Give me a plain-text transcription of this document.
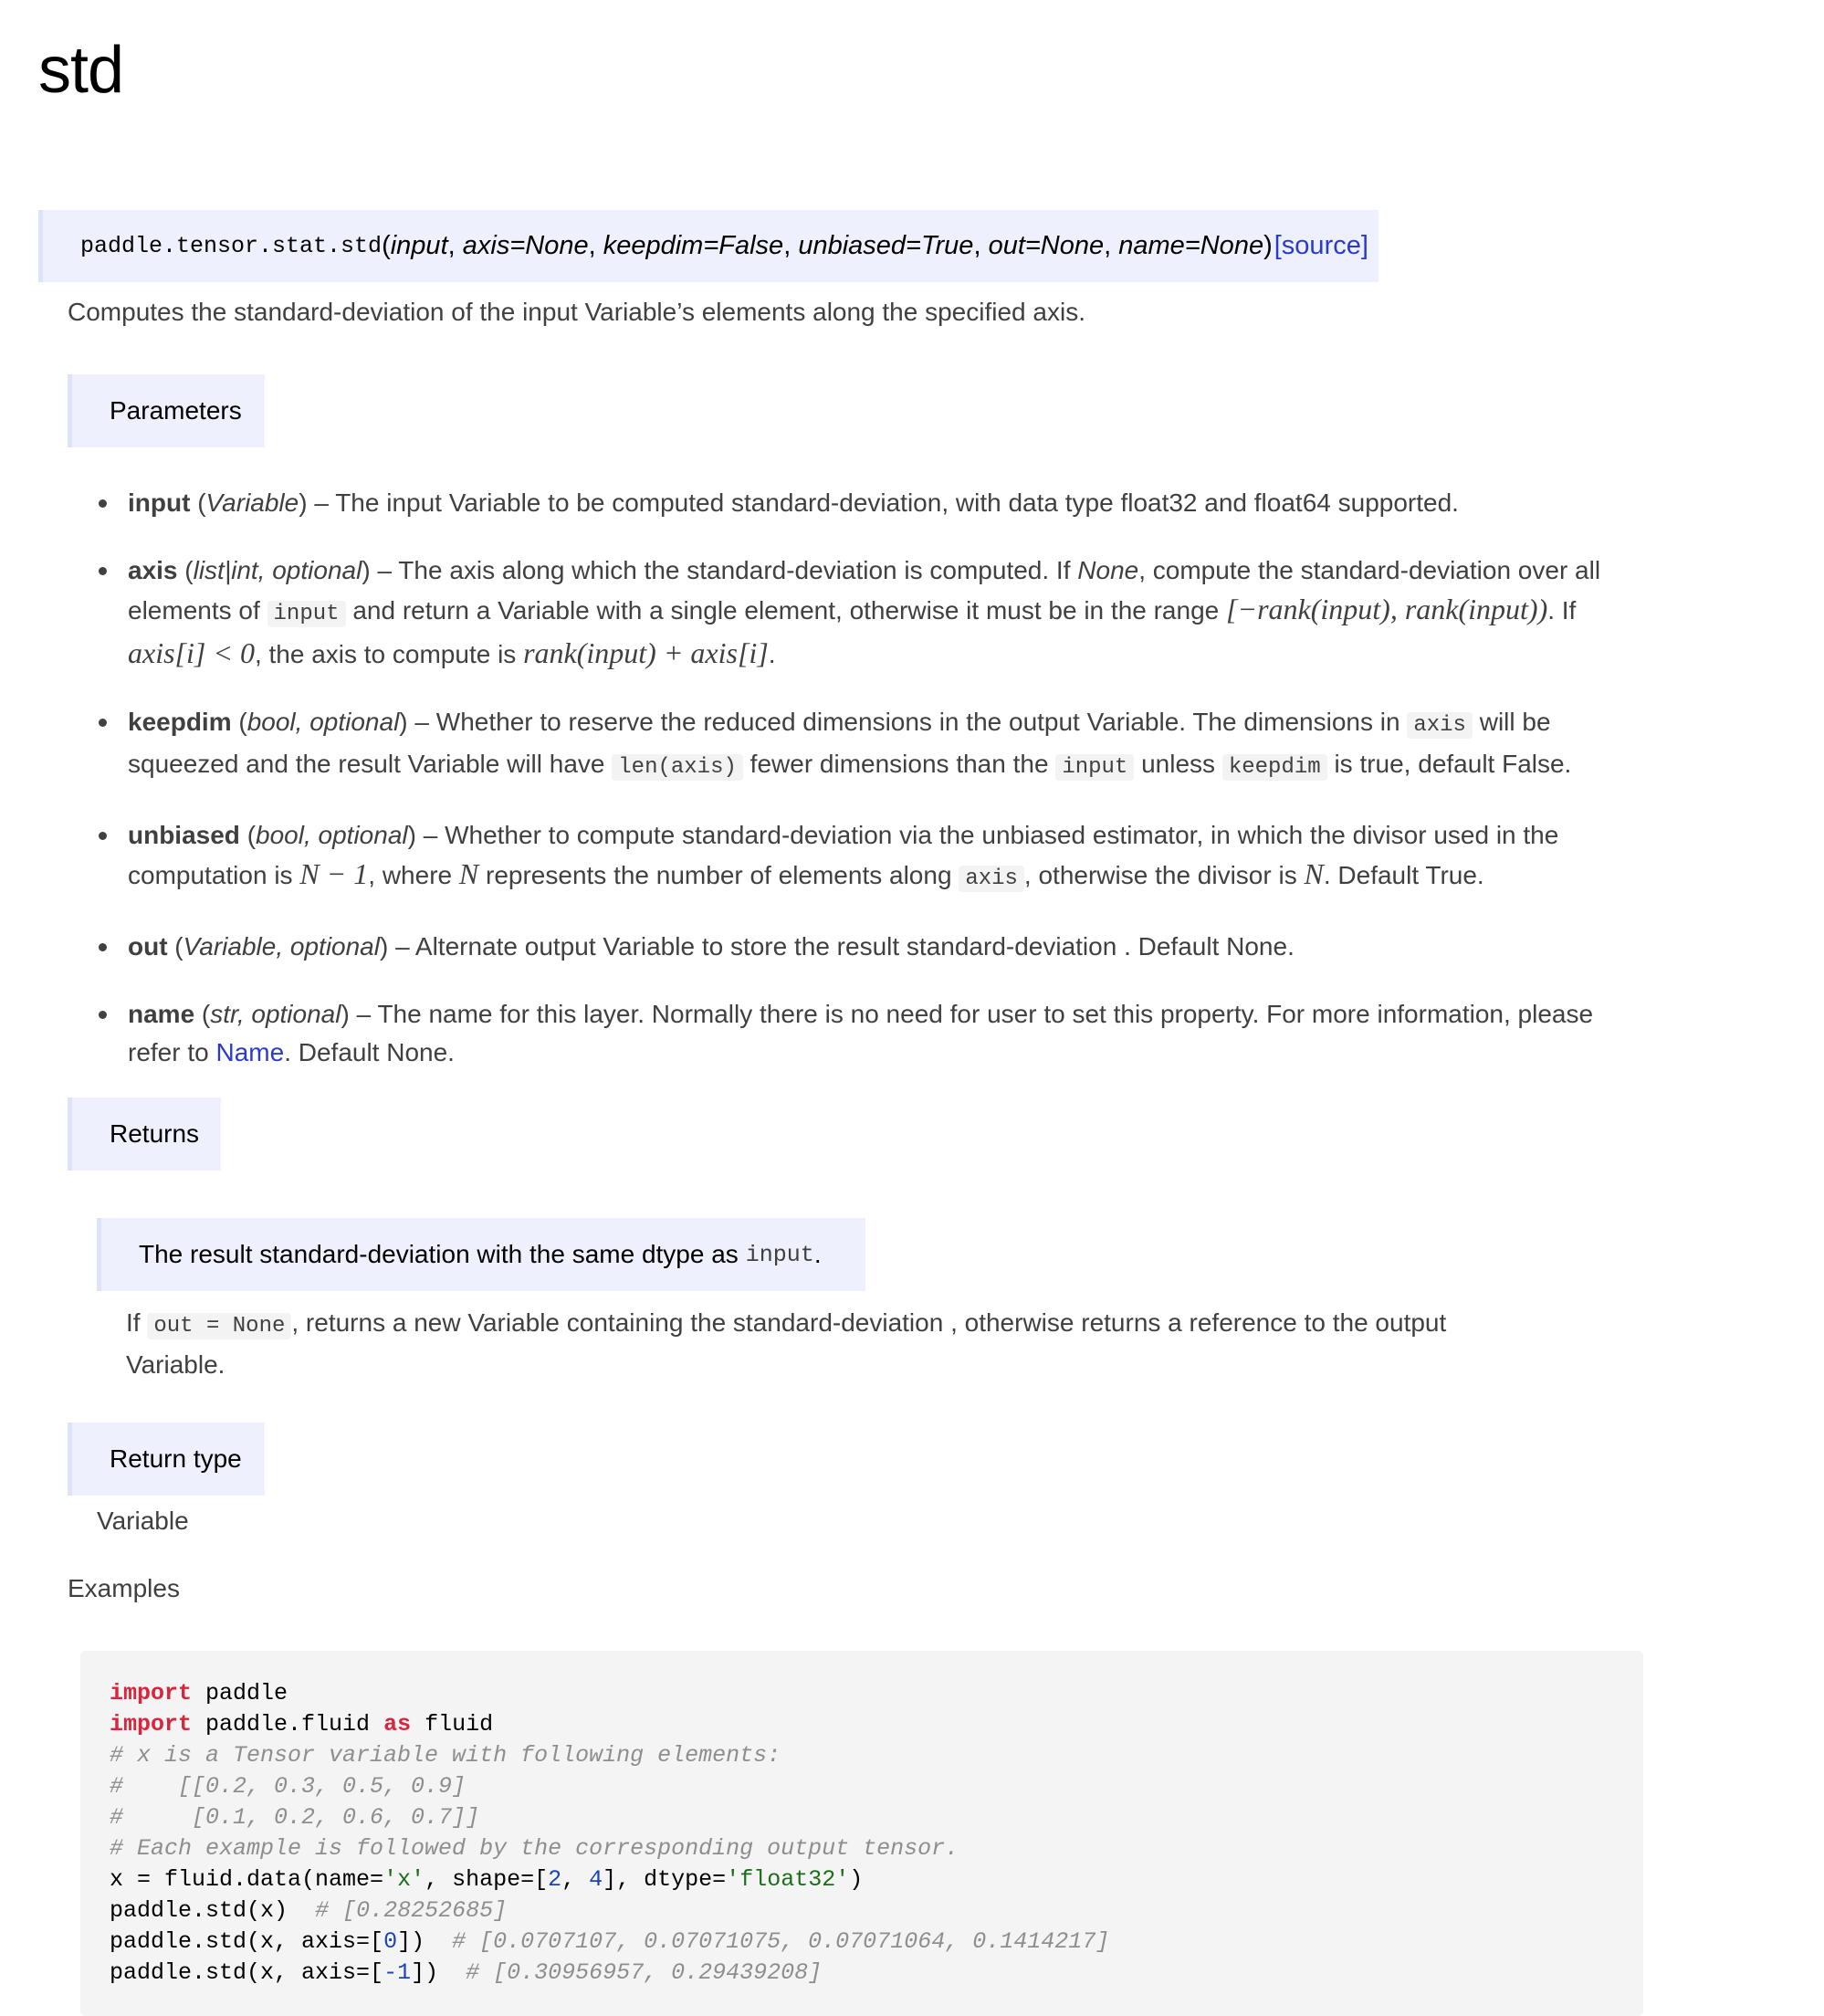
std
paddle.tensor.stat.std ( input , axis=None , keepdim=False , unbiased=True , out=None , name=None ) [source]
Computes the standard-deviation of the input Variable’s elements along the specified axis.
Parameters
input (Variable) – The input Variable to be computed standard-deviation, with data type float32 and float64 supported.
axis (list|int, optional) – The axis along which the standard-deviation is computed. If None, compute the standard-deviation over all elements of input and return a Variable with a single element, otherwise it must be in the range [−rank(input), rank(input)). If axis[i] < 0, the axis to compute is rank(input) + axis[i].
keepdim (bool, optional) – Whether to reserve the reduced dimensions in the output Variable. The dimensions in axis will be squeezed and the result Variable will have len(axis) fewer dimensions than the input unless keepdim is true, default False.
unbiased (bool, optional) – Whether to compute standard-deviation via the unbiased estimator, in which the divisor used in the computation is N − 1, where N represents the number of elements along axis , otherwise the divisor is N. Default True.
out (Variable, optional) – Alternate output Variable to store the result standard-deviation . Default None.
name (str, optional) – The name for this layer. Normally there is no need for user to set this property. For more information, please refer to Name. Default None.
Returns
The result standard-deviation with the same dtype as input .
If out = None , returns a new Variable containing the standard-deviation , otherwise returns a reference to the output Variable.
Return type
Variable
Examples
import paddle
import paddle.fluid as fluid
# x is a Tensor variable with following elements:
#    [[0.2, 0.3, 0.5, 0.9]
#     [0.1, 0.2, 0.6, 0.7]]
# Each example is followed by the corresponding output tensor.
x = fluid.data(name='x', shape=[2, 4], dtype='float32')
paddle.std(x) # [0.28252685]
paddle.std(x, axis=[0]) # [0.0707107, 0.07071075, 0.07071064, 0.1414217]
paddle.std(x, axis=[-1]) # [0.30956957, 0.29439208]
